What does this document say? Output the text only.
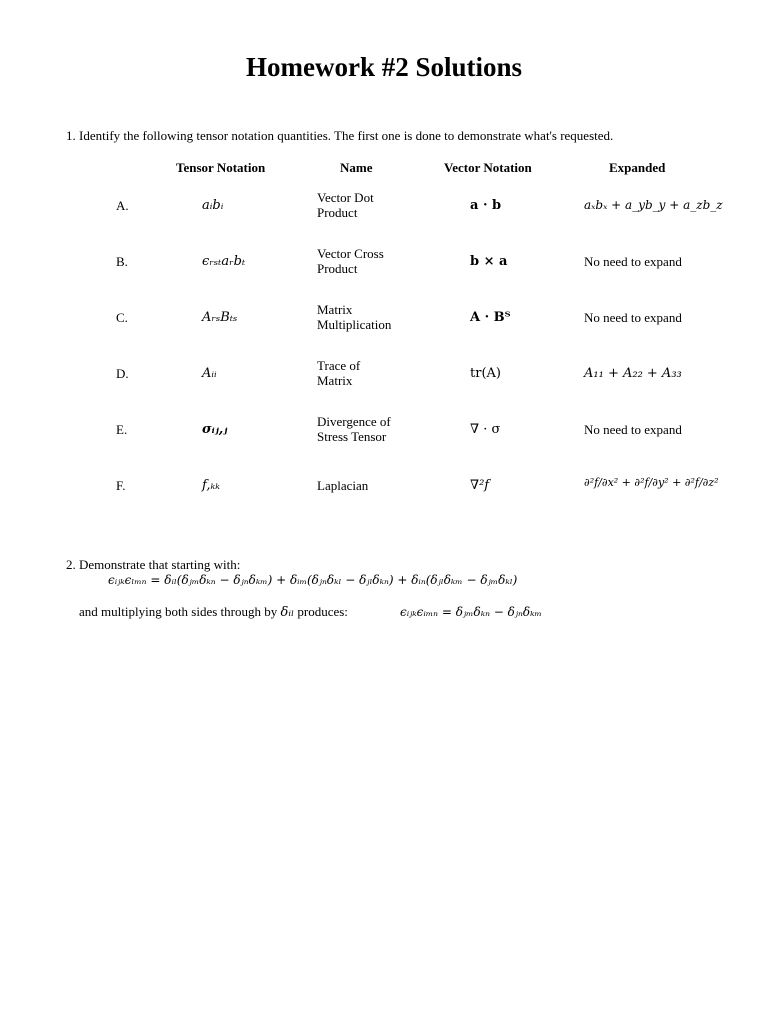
Homework #2 Solutions
1. Identify the following tensor notation quantities. The first one is done to demonstrate what's requested.
Tensor Notation	Name	Vector Notation	Expanded
A.	aᵢbᵢ
Vector Dot
Product	a · b	aₓbₓ + a_yb_y + a_zb_z
B.	ϵᵣₛₜaᵣbₜ
Vector Cross
Product	b × a	No need to expand
C.	AᵣₛBₜₛ
Matrix
Multiplication	A · Bᵀ	No need to expand
D.	Aᵢᵢ
Trace of
Matrix	tr(A)	A₁₁ + A₂₂ + A₃₃
E.	σᵢⱼ,ⱼ
Divergence of
Stress Tensor	∇ · σ	No need to expand
F.	f,ₖₖ	Laplacian	∇²f	∂²f/∂x² + ∂²f/∂y² + ∂²f/∂z²
2. Demonstrate that starting with:
ϵᵢⱼₖϵₗₘₙ = δᵢₗ(δⱼₘδₖₙ − δⱼₙδₖₘ) + δᵢₘ(δⱼₙδₖₗ − δⱼₗδₖₙ) + δᵢₙ(δⱼₗδₖₘ − δⱼₘδₖₗ)
and multiplying both sides through by δᵢₗ produces:	ϵᵢⱼₖϵᵢₘₙ = δⱼₘδₖₙ − δⱼₙδₖₘ
